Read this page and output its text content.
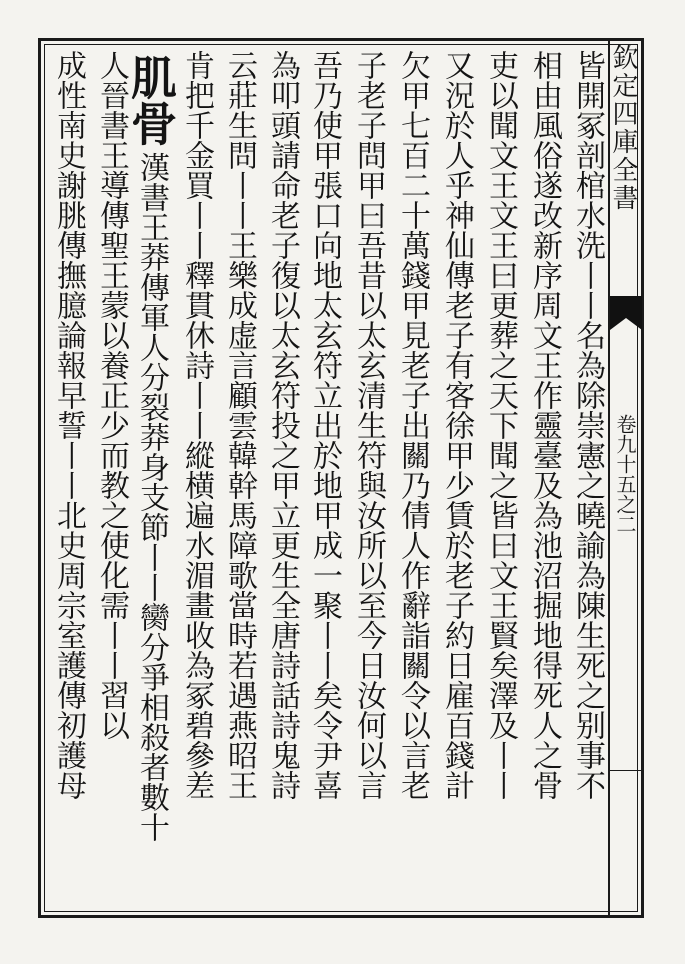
欽定四庫全書
卷九十五之二
皆開冢剖棺水洗丨丨名為除崇憲之曉諭為陳生死之别事不
相由風俗遂改新序周文王作靈臺及為池沼掘地得死人之骨
吏以聞文王文王曰更葬之天下聞之皆曰文王賢矣澤及丨丨
又況於人乎神仙傳老子有客徐甲少賃於老子約日雇百錢計
欠甲七百二十萬錢甲見老子出關乃倩人作辭詣關令以言老
子老子問甲曰吾昔以太玄清生符與汝所以至今日汝何以言
吾乃使甲張口向地太玄符立出於地甲成一聚丨丨矣令尹喜
為叩頭請命老子復以太玄符投之甲立更生全唐詩話詩鬼詩
云莊生問丨丨王樂成虚言顧雲韓幹馬障歌當時若遇燕昭王
肯把千金買丨丨釋貫休詩丨丨縱横遍水湄畫收為冢碧參差
肌骨漢書王莽傳軍人分裂莽身支節丨丨臠分爭相殺者數十
人晉書王導傳聖王蒙以養正少而教之使化需丨丨習以
成性南史謝朓傳撫臆論報早誓丨丨北史周宗室護傳初護母
